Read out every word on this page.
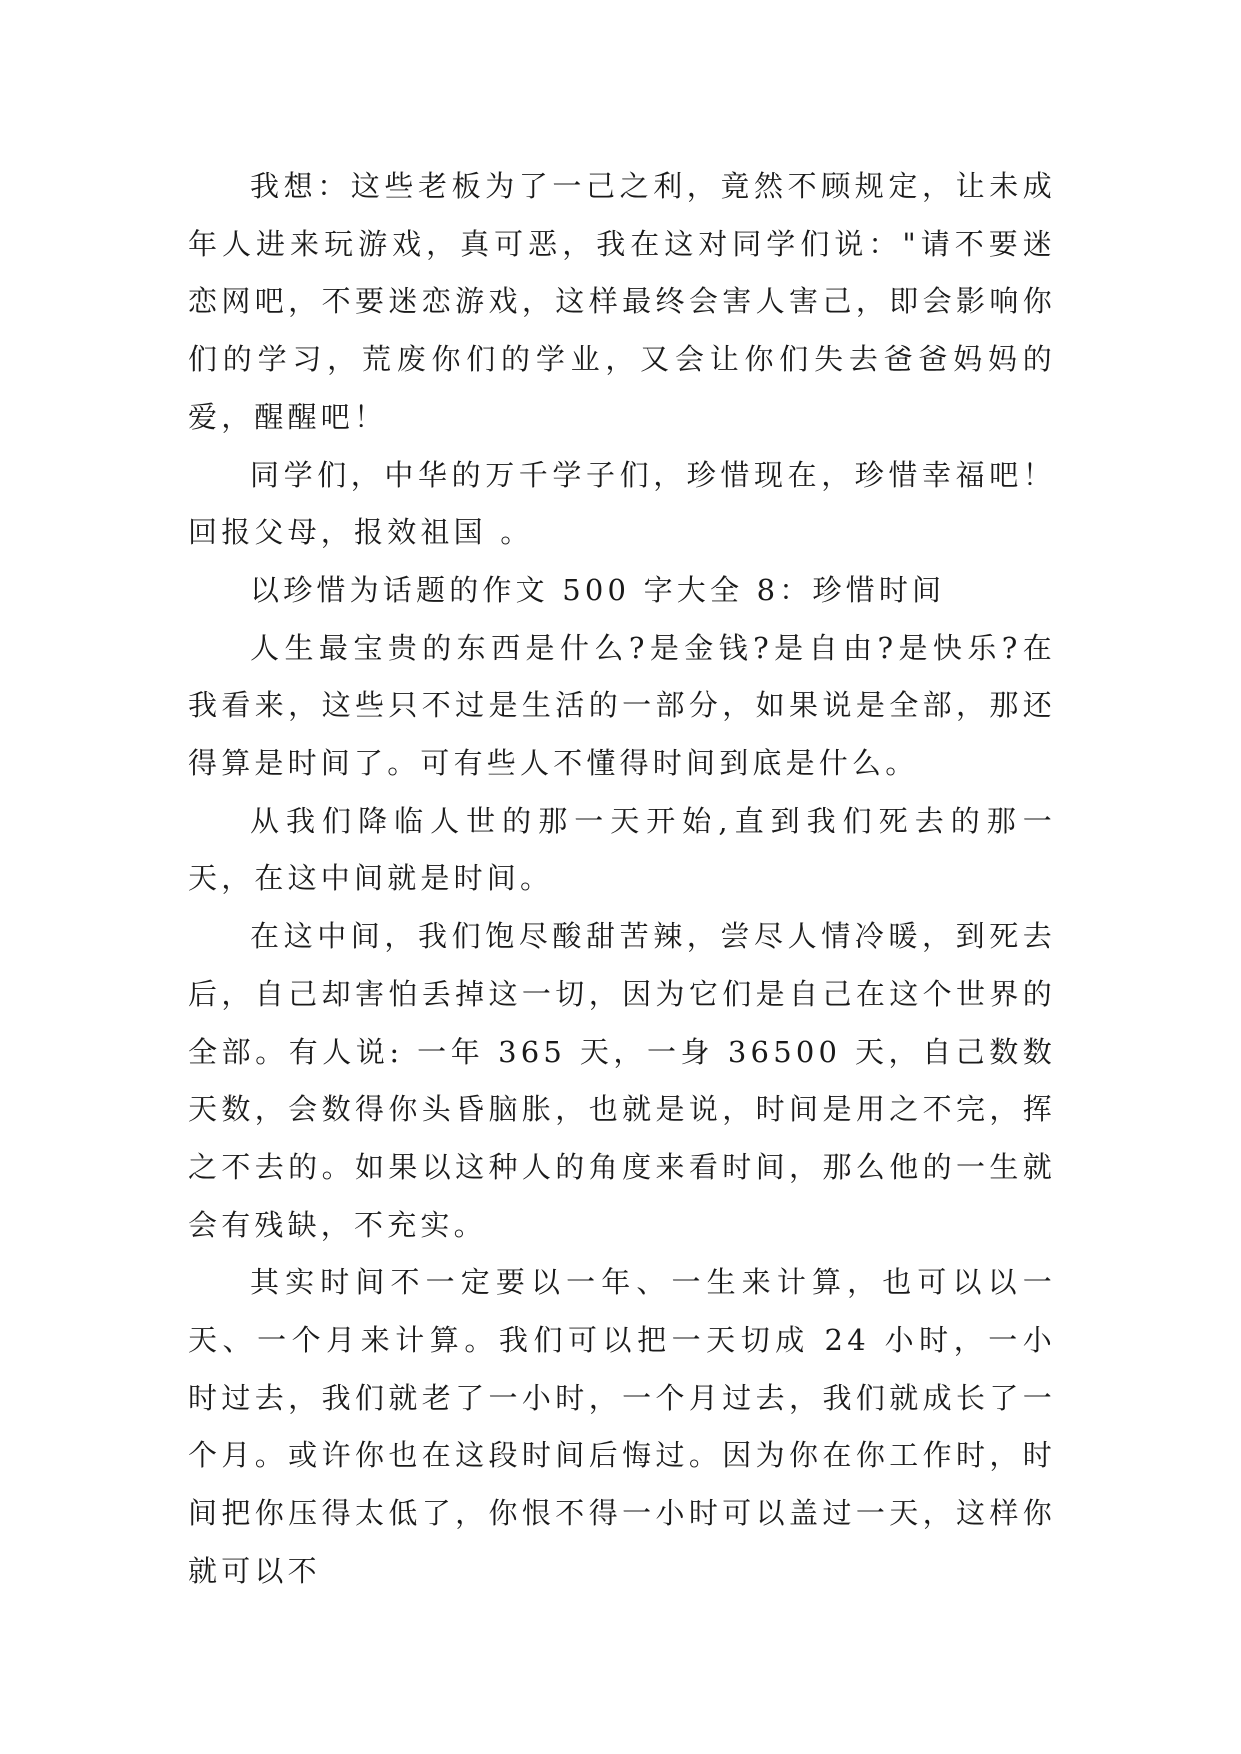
我想：这些老板为了一己之利，竟然不顾规定，让未成年人进来玩游戏，真可恶，我在这对同学们说："请不要迷恋网吧，不要迷恋游戏，这样最终会害人害己，即会影响你们的学习，荒废你们的学业，又会让你们失去爸爸妈妈的爱，醒醒吧！

同学们，中华的万千学子们，珍惜现在，珍惜幸福吧！回报父母，报效祖国 。

以珍惜为话题的作文 500 字大全 8：珍惜时间

人生最宝贵的东西是什么?是金钱?是自由?是快乐?在我看来，这些只不过是生活的一部分，如果说是全部，那还得算是时间了。可有些人不懂得时间到底是什么。

从我们降临人世的那一天开始,直到我们死去的那一天，在这中间就是时间。

在这中间，我们饱尽酸甜苦辣，尝尽人情冷暖，到死去后，自己却害怕丢掉这一切，因为它们是自己在这个世界的全部。有人说: 一年 365 天，一身 36500 天，自己数数天数，会数得你头昏脑胀，也就是说，时间是用之不完，挥之不去的。如果以这种人的角度来看时间，那么他的一生就会有残缺，不充实。

其实时间不一定要以一年、一生来计算，也可以以一天、一个月来计算。我们可以把一天切成 24 小时，一小时过去，我们就老了一小时，一个月过去，我们就成长了一个月。或许你也在这段时间后悔过。因为你在你工作时，时间把你压得太低了，你恨不得一小时可以盖过一天，这样你就可以不
